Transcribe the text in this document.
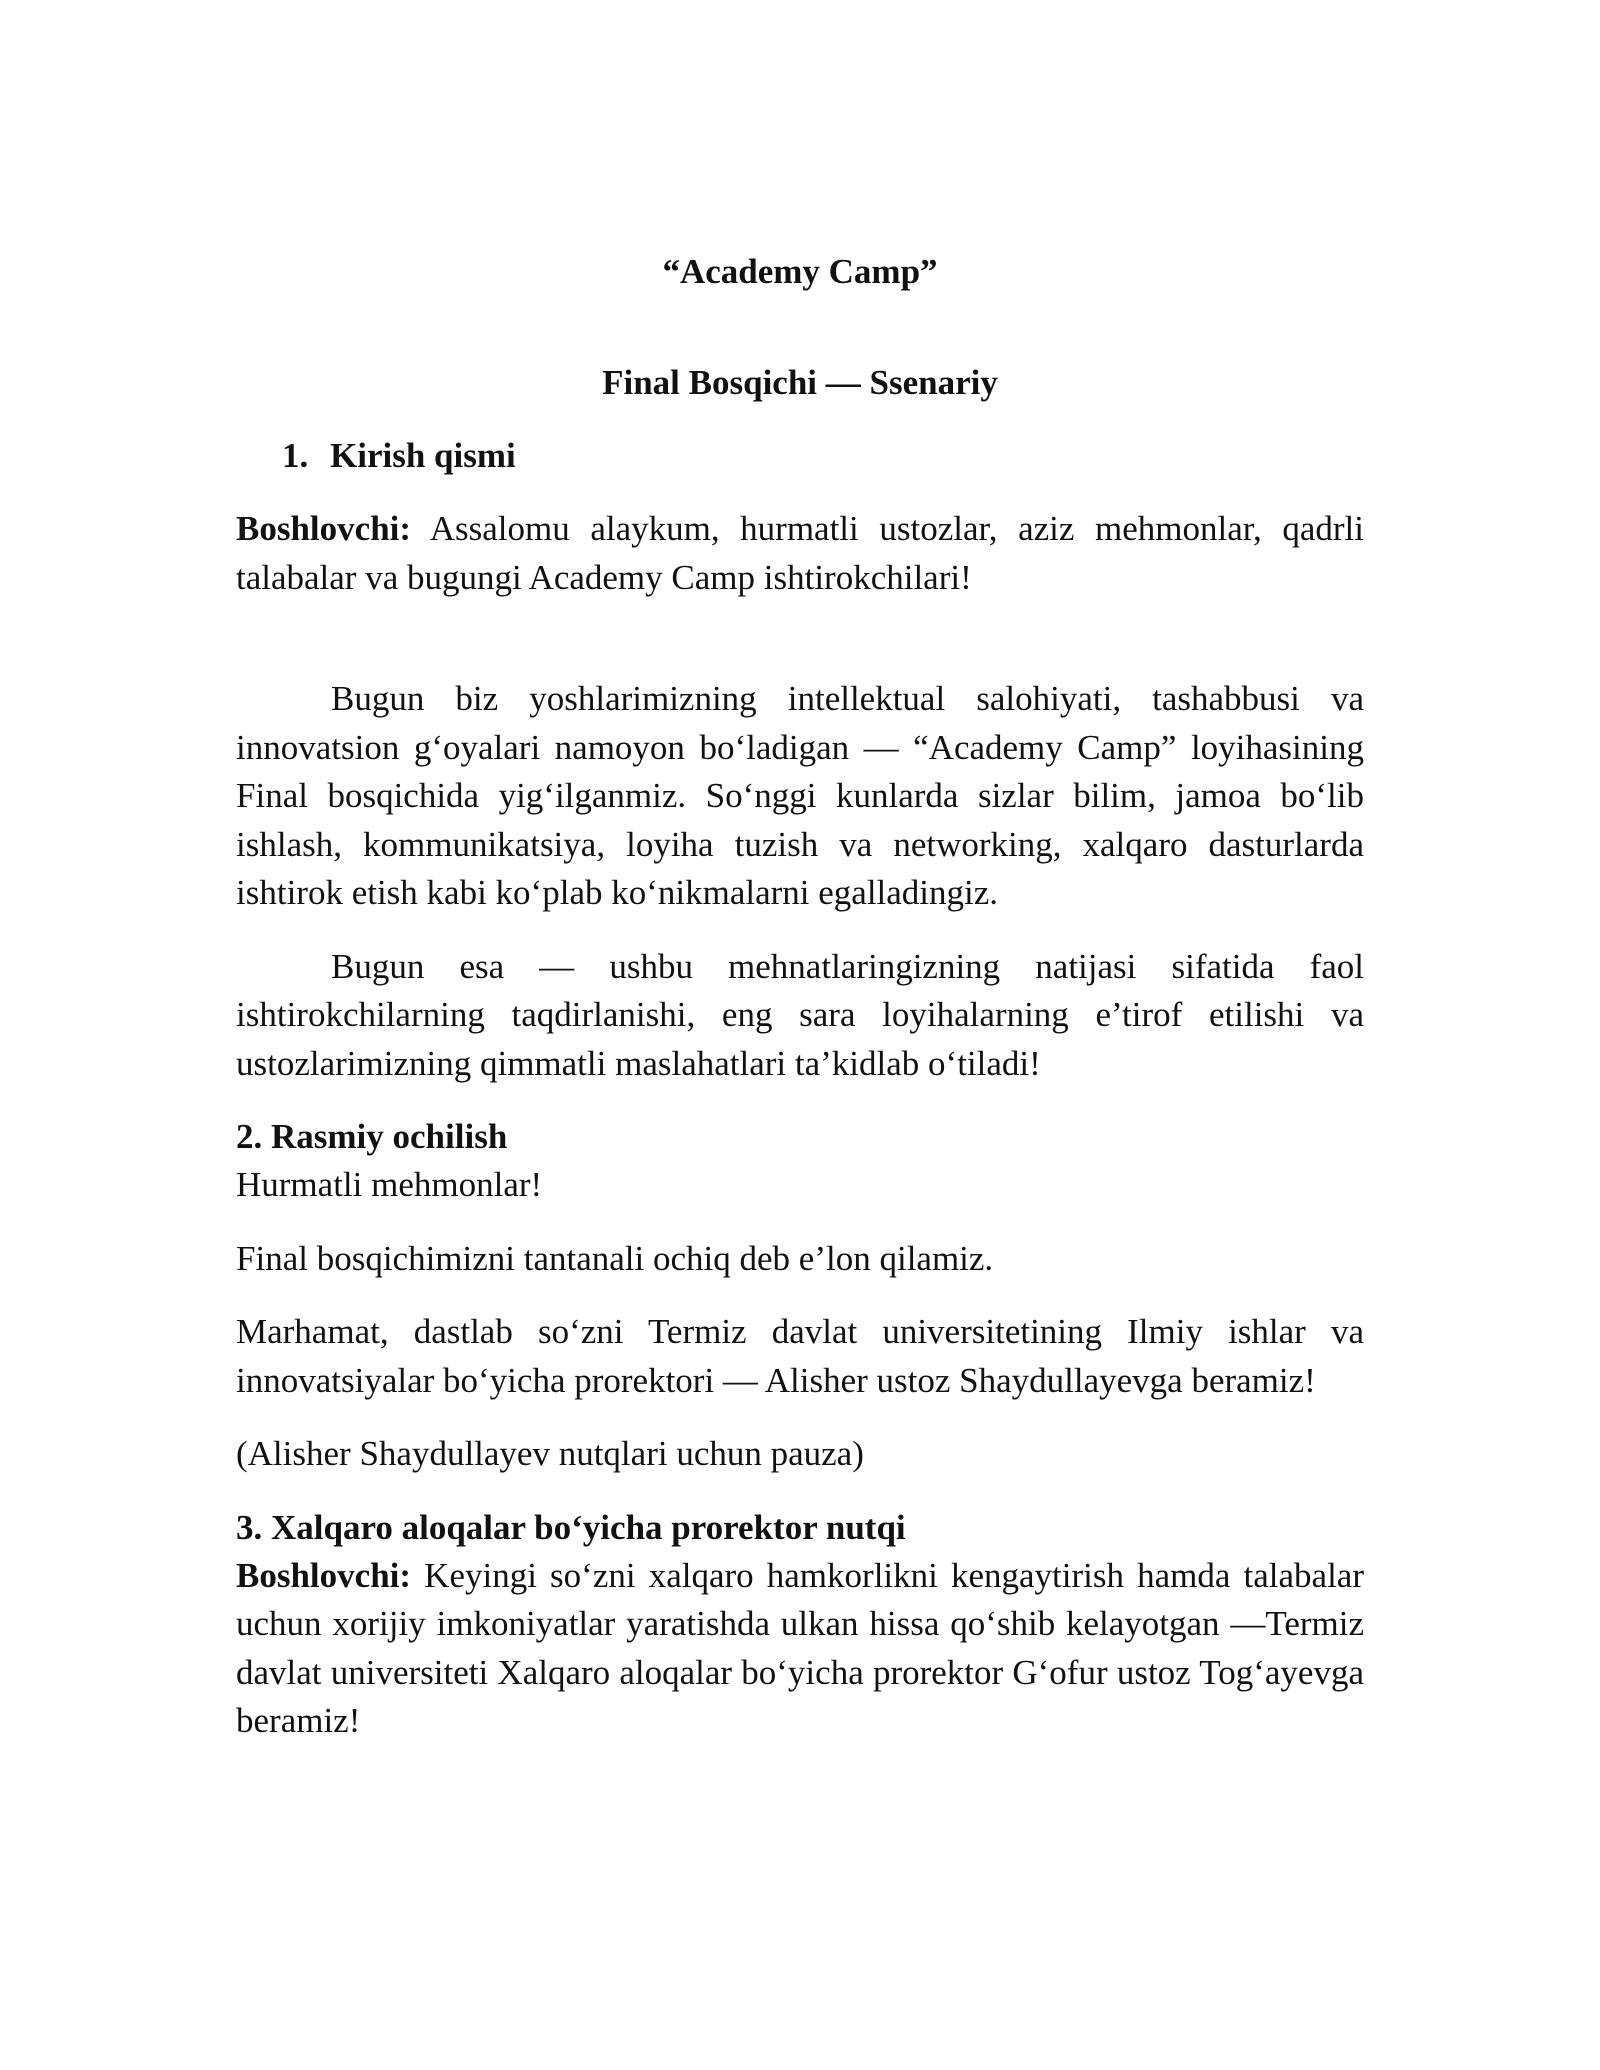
“Academy Camp”
Final Bosqichi — Ssenariy
1. Kirish qismi

Boshlovchi: Assalomu alaykum, hurmatli ustozlar, aziz mehmonlar, qadrli talabalar va bugungi Academy Camp ishtirokchilari!

Bugun biz yoshlarimizning intellektual salohiyati, tashabbusi va innovatsion g‘oyalari namoyon bo‘ladigan — “Academy Camp” loyihasining Final bosqichida yig‘ilganmiz. So‘nggi kunlarda sizlar bilim, jamoa bo‘lib ishlash, kommunikatsiya, loyiha tuzish va networking, xalqaro dasturlarda ishtirok etish kabi ko‘plab ko‘nikmalarni egalladingiz.

Bugun esa — ushbu mehnatlaringizning natijasi sifatida faol ishtirokchilarning taqdirlanishi, eng sara loyihalarning e’tirof etilishi va ustozlarimizning qimmatli maslahatlari ta’kidlab o‘tiladi!

2. Rasmiy ochilish

Hurmatli mehmonlar!

Final bosqichimizni tantanali ochiq deb e’lon qilamiz.

Marhamat, dastlab so‘zni Termiz davlat universitetining Ilmiy ishlar va innovatsiyalar bo‘yicha prorektori — Alisher ustoz Shaydullayevga beramiz!

(Alisher Shaydullayev nutqlari uchun pauza)

3. Xalqaro aloqalar bo‘yicha prorektor nutqi

Boshlovchi: Keyingi so‘zni xalqaro hamkorlikni kengaytirish hamda talabalar uchun xorijiy imkoniyatlar yaratishda ulkan hissa qo‘shib kelayotgan —Termiz davlat universiteti Xalqaro aloqalar bo‘yicha prorektor G‘ofur ustoz Tog‘ayevga beramiz!
